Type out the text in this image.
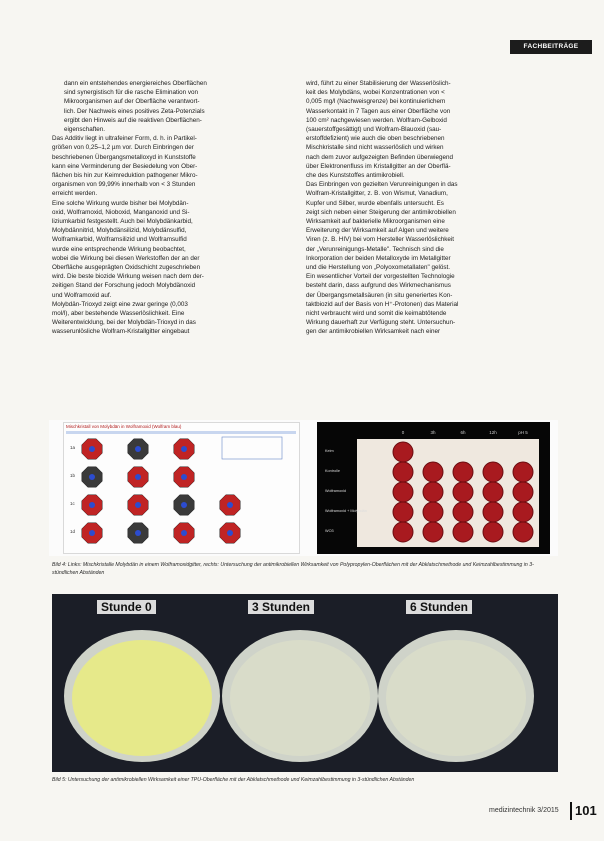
FACHBEITRÄGE

dann ein entstehendes energiereiches Oberflächen

sind synergistisch für die rasche Elimination von

Mikroorganismen auf der Oberfläche verantwort-

lich. Der Nachweis eines positives Zeta-Potenzials

ergibt den Hinweis auf die reaktiven Oberflächen-

eigenschaften.

Das Additiv liegt in ultrafeiner Form, d. h. in Partikel-

größen von 0,25–1,2 µm vor. Durch Einbringen der

beschriebenen Übergangsmetalloxyd in Kunststoffe

kann eine Verminderung der Besiedelung von Ober-

flächen bis hin zur Keimreduktion pathogener Mikro-

organismen von 99,99% innerhalb von < 3 Stunden

erreicht werden.

Eine solche Wirkung wurde bisher bei Molybdän-

oxid, Wolframoxid, Nioboxid, Manganoxid und Si-

liziumkarbid festgestellt. Auch bei Molybdänkarbid,

Molybdännitrid, Molybdänsilizid, Molybdänsulfid,

Wolframkarbid, Wolframsilizid und Wolframsulfid

wurde eine entsprechende Wirkung beobachtet,

wobei die Wirkung bei diesen Werkstoffen der an der

Oberfläche ausgeprägten Oxidschicht zugeschrieben

wird. Die beste biozide Wirkung weisen nach dem der-

zeitigen Stand der Forschung jedoch Molybdänoxid

und Wolframoxid auf.

Molybdän-Trioxyd zeigt eine zwar geringe (0,003

mol/l), aber bestehende Wasserlöslichkeit. Eine

Weiterentwicklung, bei der Molybdän-Trioxyd in das

wasserunlösliche Wolfram-Kristallgitter eingebaut

wird, führt zu einer Stabilisierung der Wasserlöslich-

keit des Molybdäns, wobei Konzentrationen von <

0,005 mg/l (Nachweisgrenze) bei kontinuierlichem

Wasserkontakt in 7 Tagen aus einer Oberfläche von

100 cm² nachgewiesen werden. Wolfram-Gelboxid

(sauerstoffgesättigt) und Wolfram-Blauoxid (sau-

erstoffdefizient) wie auch die oben beschriebenen

Mischkristalle sind nicht wasserlöslich und wirken

nach dem zuvor aufgezeigten Befinden überwiegend

über Elektronenfluss im Kristallgitter an der Oberflä-

che des Kunststoffes antimikrobiell.

Das Einbringen von gezielten Verunreinigungen in das

Wolfram-Kristallgitter, z. B. von Wismut, Vanadium,

Kupfer und Silber, wurde ebenfalls untersucht. Es

zeigt sich neben einer Steigerung der antimikrobiellen

Wirksamkeit auf bakterielle Mikroorganismen eine

Erweiterung der Wirksamkeit auf Algen und weitere

Viren (z. B. HIV) bei vom Hersteller Wasserlöslichkeit

der „Verunreinigungs-Metalle". Technisch sind die

Inkorporation der beiden Metalloxyde im Metallgitter

und die Herstellung von „Polyoxometallaten" gelöst.

Ein wesentlicher Vorteil der vorgestellten Technologie

besteht darin, dass aufgrund des Wirkmechanismus

der Übergangsmetallsäuren (in situ generiertes Kon-

taktbiozid auf der Basis von H⁺-Protonen) das Material

nicht verbraucht wird und somit die keimabtötende

Wirkung dauerhaft zur Verfügung steht. Untersuchun-

gen der antimikrobiellen Wirksamkeit nach einer

Mischkristall von Molybdän in Wolframoxid (Wolfram blau)
1a
1b
1c
1d
0	3h	6h	12h	pH 5
Keim
Kontrolle
Wolframoxid
Wolframoxid + Molybdän
WO3
Bild 4: Links: Mischkristalle Molybdän in einem Wolframoxidgitter, rechts: Untersuchung der antimikrobiellen Wirksamkeit von Polypropylen-Oberflächen mit der Abklatschmethode und Keimzahlbestimmung in 3-stündlichen Abständen
Stunde 0	3 Stunden	6 Stunden
Bild 5: Untersuchung der antimikrobiellen Wirksamkeit einer TPU-Oberfläche mit der Abklatschmethode und Keimzahlbestimmung in 3-stündlichen Abständen
medizintechnik 3/2015 101
